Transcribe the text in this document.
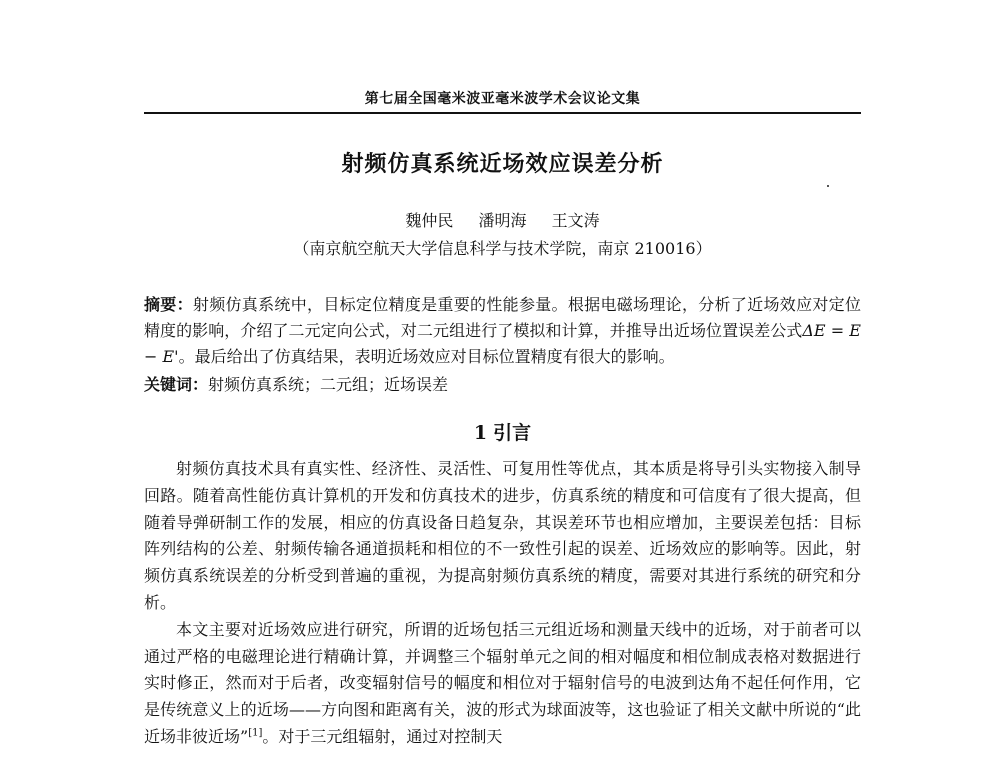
第七届全国毫米波亚毫米波学术会议论文集
射频仿真系统近场效应误差分析
魏仲民 潘明海 王文涛
（南京航空航天大学信息科学与技术学院，南京 210016）
摘要：射频仿真系统中，目标定位精度是重要的性能参量。根据电磁场理论，分析了近场效应对定位精度的影响，介绍了二元定向公式，对二元组进行了模拟和计算，并推导出近场位置误差公式ΔE = E − E'。最后给出了仿真结果，表明近场效应对目标位置精度有很大的影响。
关键词：射频仿真系统；二元组；近场误差
1 引言

射频仿真技术具有真实性、经济性、灵活性、可复用性等优点，其本质是将导引头实物接入制导回路。随着高性能仿真计算机的开发和仿真技术的进步，仿真系统的精度和可信度有了很大提高，但随着导弹研制工作的发展，相应的仿真设备日趋复杂，其误差环节也相应增加，主要误差包括：目标阵列结构的公差、射频传输各通道损耗和相位的不一致性引起的误差、近场效应的影响等。因此，射频仿真系统误差的分析受到普遍的重视，为提高射频仿真系统的精度，需要对其进行系统的研究和分析。

本文主要对近场效应进行研究，所谓的近场包括三元组近场和测量天线中的近场，对于前者可以通过严格的电磁理论进行精确计算，并调整三个辐射单元之间的相对幅度和相位制成表格对数据进行实时修正，然而对于后者，改变辐射信号的幅度和相位对于辐射信号的电波到达角不起任何作用，它是传统意义上的近场——方向图和距离有关，波的形式为球面波等，这也验证了相关文献中所说的“此近场非彼近场”[1]。对于三元组辐射，通过对控制天
